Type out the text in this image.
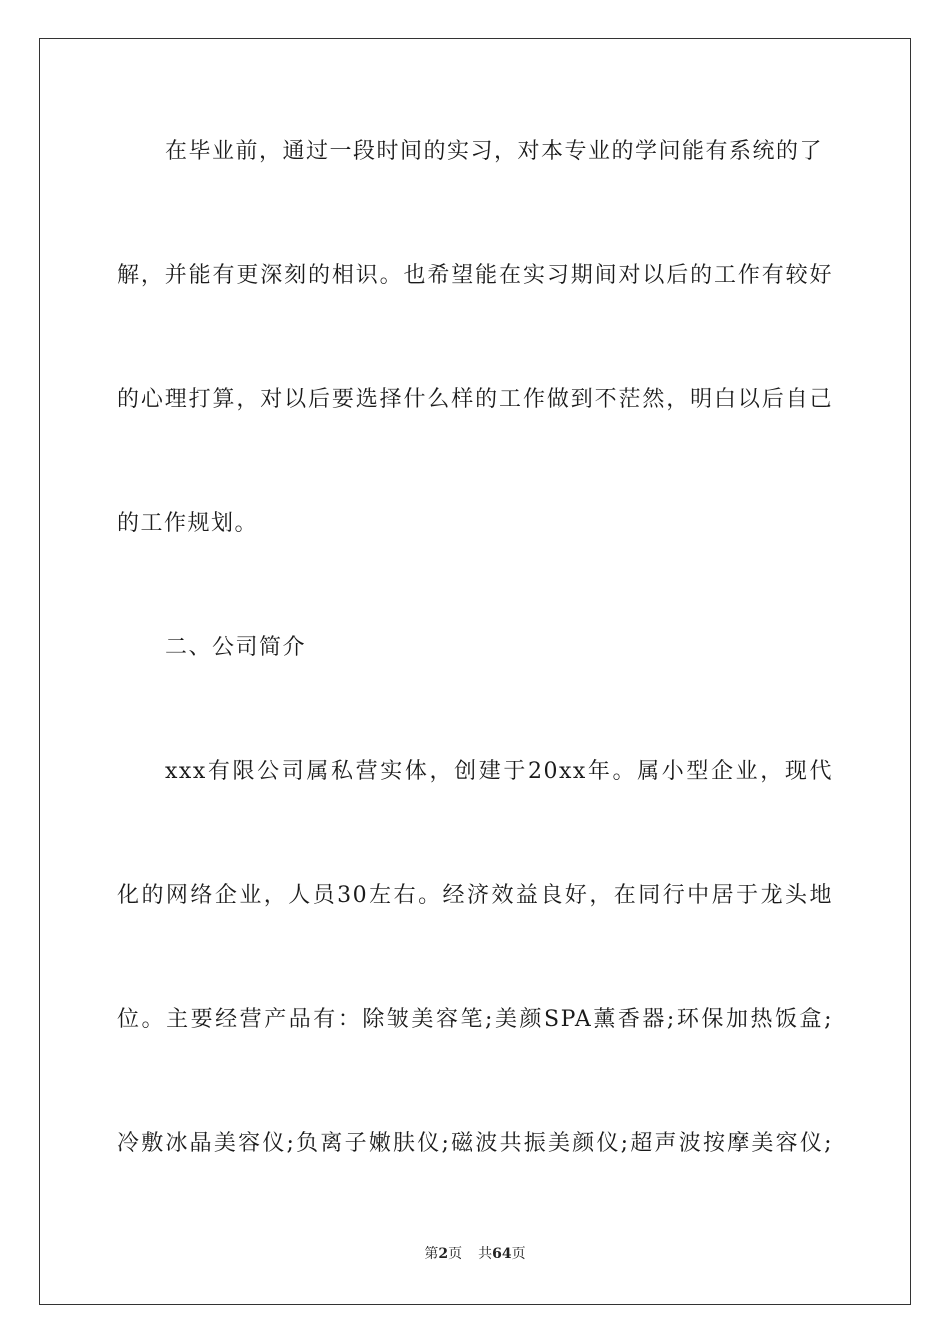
在毕业前，通过一段时间的实习，对本专业的学问能有系统的了
解，并能有更深刻的相识。也希望能在实习期间对以后的工作有较好
的心理打算，对以后要选择什么样的工作做到不茫然，明白以后自己
的工作规划。
二、公司简介
xxx有限公司属私营实体，创建于20xx年。属小型企业，现代
化的网络企业，人员30左右。经济效益良好，在同行中居于龙头地
位。主要经营产品有：除皱美容笔;美颜SPA薰香器;环保加热饭盒;
冷敷冰晶美容仪;负离子嫩肤仪;磁波共振美颜仪;超声波按摩美容仪;
第2页 共64页
